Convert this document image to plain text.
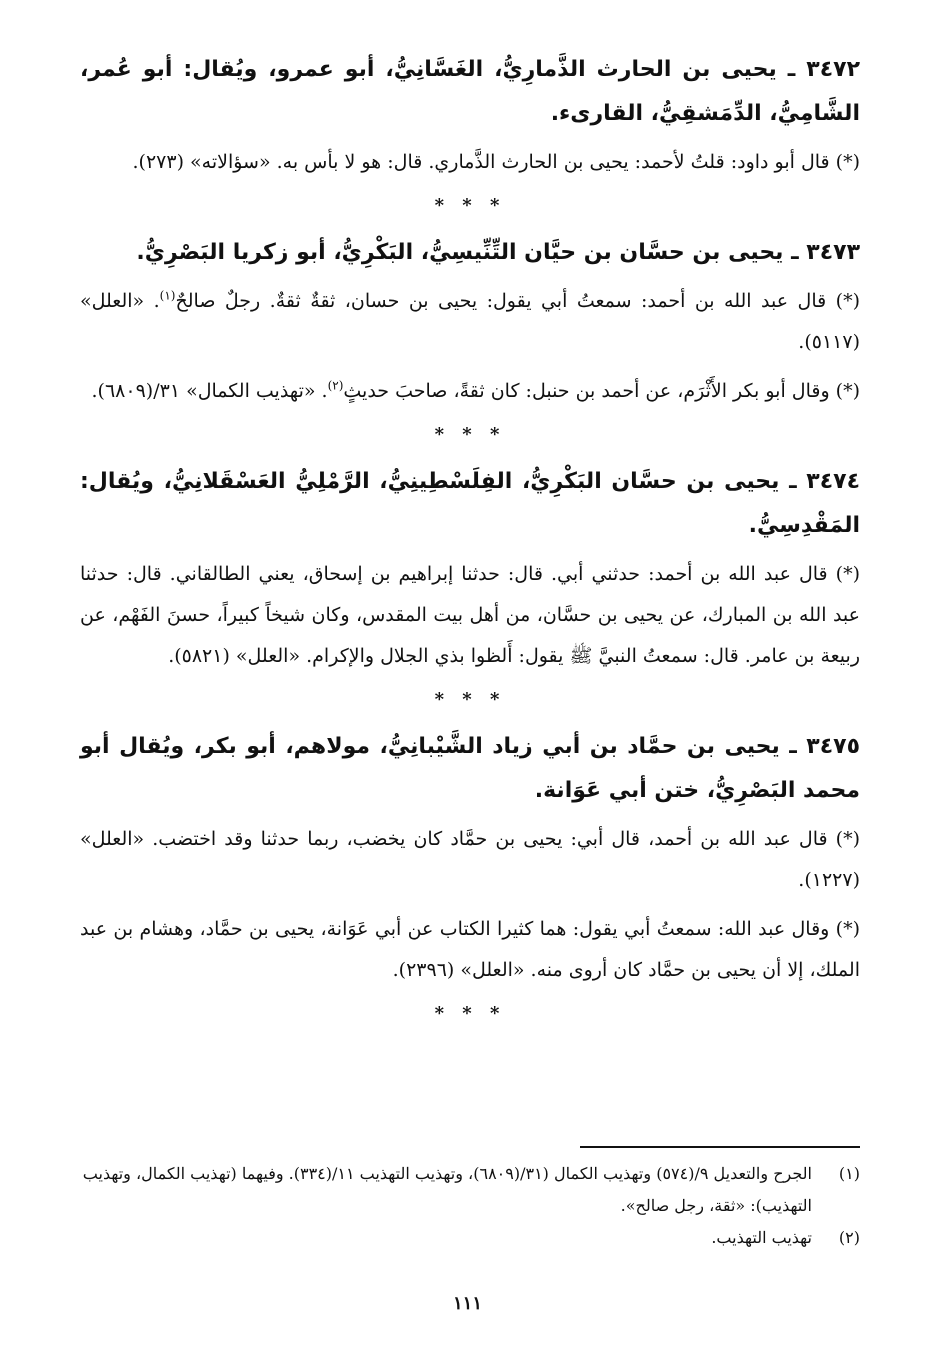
٣٤٧٢ ـ يحيى بن الحارث الذَّمارِيُّ، الغَسَّانِيُّ، أبو عمرو، ويُقال: أبو عُمر، الشَّامِيُّ، الدِّمَشقِيُّ، القارىء.

(*) قال أبو داود: قلتُ لأحمد: يحيى بن الحارث الذَّماري. قال: هو لا بأس به. «سؤالاته» (٢٧٣).

* * *
٣٤٧٣ ـ يحيى بن حسَّان بن حيَّان التِّنِّيسِيُّ، البَكْرِيُّ، أبو زكريا البَصْرِيُّ.

(*) قال عبد الله بن أحمد: سمعتُ أبي يقول: يحيى بن حسان، ثقةٌ ثقةٌ. رجلٌ صالحٌ$^{(١)}$. «العلل» (٥١١٧).

(*) وقال أبو بكر الأَثْرَم، عن أحمد بن حنبل: كان ثقةً، صاحبَ حديثٍ$^{(٢)}$. «تهذيب الكمال» ٣١/(٦٨٠٩).

* * *
٣٤٧٤ ـ يحيى بن حسَّان البَكْرِيُّ، الفِلَسْطِينِيُّ، الرَّمْلِيُّ العَسْقَلانِيُّ، ويُقال: المَقْدِسِيُّ.

(*) قال عبد الله بن أحمد: حدثني أبي. قال: حدثنا إبراهيم بن إسحاق، يعني الطالقاني. قال: حدثنا عبد الله بن المبارك، عن يحيى بن حسَّان، من أهل بيت المقدس، وكان شيخاً كبيراً، حسنَ الفَهْم، عن ربيعة بن عامر. قال: سمعتُ النبيَّ ﷺ يقول: أَلظوا بذي الجلال والإكرام. «العلل» (٥٨٢١).

* * *
٣٤٧٥ ـ يحيى بن حمَّاد بن أبي زياد الشَّيْبانِيُّ، مولاهم، أبو بكر، ويُقال أبو محمد البَصْرِيُّ، ختن أبي عَوَانة.

(*) قال عبد الله بن أحمد، قال أبي: يحيى بن حمَّاد كان يخضب، ربما حدثنا وقد اختضب. «العلل» (١٢٢٧).

(*) وقال عبد الله: سمعتُ أبي يقول: هما كثيرا الكتاب عن أبي عَوَانة، يحيى بن حمَّاد، وهشام بن عبد الملك، إلا أن يحيى بن حمَّاد كان أروى منه. «العلل» (٢٣٩٦).

* * *

(١)
الجرح والتعديل ٩/(٥٧٤) وتهذيب الكمال (٣١/(٦٨٠٩)، وتهذيب التهذيب ١١/(٣٣٤). وفيهما (تهذيب الكمال، وتهذيب التهذيب): «ثقة، رجل صالح».

(٢)
تهذيب التهذيب.

١١١
